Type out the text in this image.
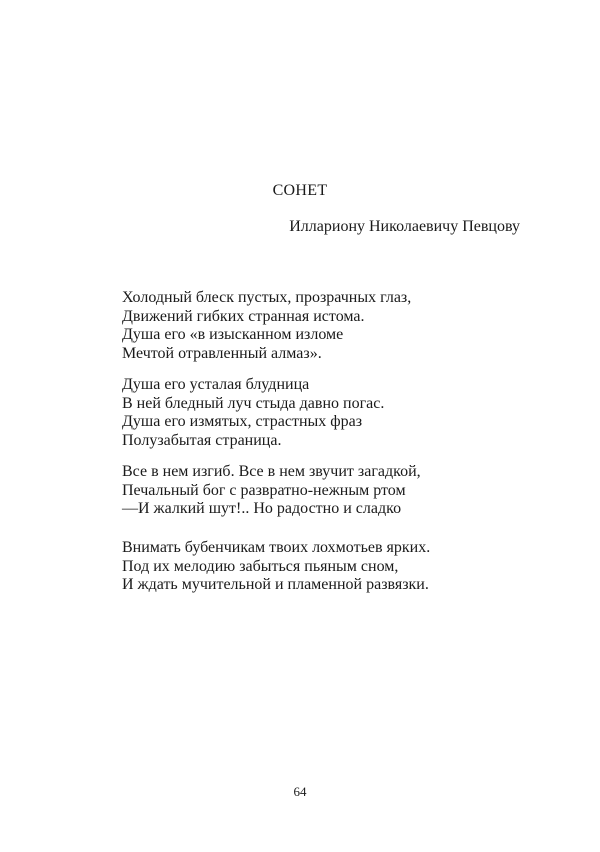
СОНЕТ
Иллариону Николаевичу Певцову
Холодный блеск пустых, прозрачных глаз,
Движений гибких странная истома.
Душа его «в изысканном изломе
Мечтой отравленный алмаз».
Душа его усталая блудница
В ней бледный луч стыда давно погас.
Душа его измятых, страстных фраз
Полузабытая страница.
Все в нем изгиб. Все в нем звучит загадкой,
Печальный бог с развратно-нежным ртом
—И жалкий шут!.. Но радостно и сладко
Внимать бубенчикам твоих лохмотьев ярких.
Под их мелодию забыться пьяным сном,
И ждать мучительной и пламенной развязки.
64
